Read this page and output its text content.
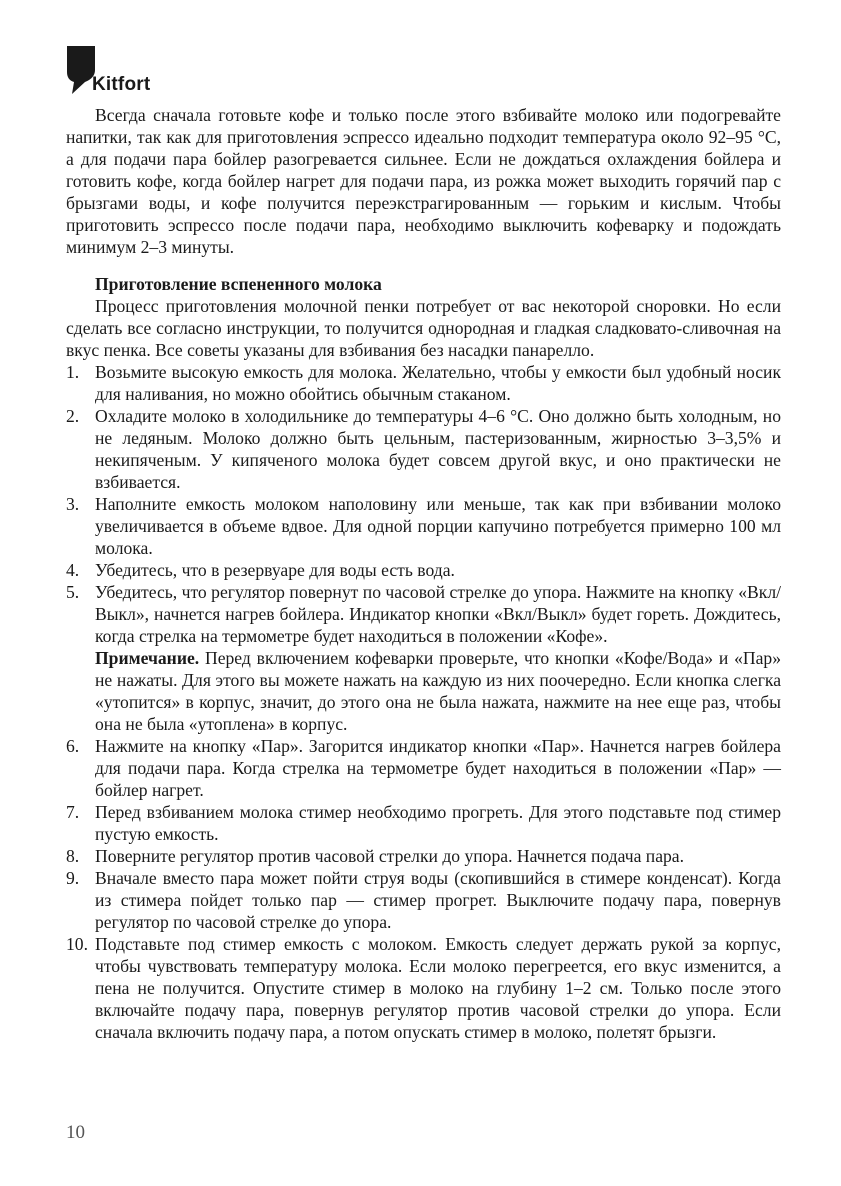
Kitfort

Всегда сначала готовьте кофе и только после этого взбивайте молоко или подогревайте напитки, так как для приготовления эспрессо идеально подходит температура около 92–95 °С, а для подачи пара бойлер разогревается сильнее. Если не дождаться охлаждения бойлера и готовить кофе, когда бойлер нагрет для подачи пара, из рожка может выходить горячий пар с брызгами воды, и кофе получится переэкстрагированным — горьким и кислым. Чтобы приготовить эспрессо после подачи пара, необходимо выключить кофеварку и подождать минимум 2–3 минуты.

Приготовление вспененного молока

Процесс приготовления молочной пенки потребует от вас некоторой сноровки. Но если сделать все согласно инструкции, то получится однородная и гладкая сладковато-сливочная на вкус пенка. Все советы указаны для взбивания без насадки панарелло.

1. Возьмите высокую емкость для молока. Желательно, чтобы у емкости был удобный носик для наливания, но можно обойтись обычным стаканом.
2. Охладите молоко в холодильнике до температуры 4–6 °С. Оно должно быть холодным, но не ледяным. Молоко должно быть цельным, пастеризованным, жирностью 3–3,5% и некипяченым. У кипяченого молока будет совсем другой вкус, и оно практически не взбивается.
3. Наполните емкость молоком наполовину или меньше, так как при взбивании молоко увеличивается в объеме вдвое. Для одной порции капучино потребуется примерно 100 мл молока.
4. Убедитесь, что в резервуаре для воды есть вода.
5. Убедитесь, что регулятор повернут по часовой стрелке до упора. Нажмите на кнопку «Вкл/Выкл», начнется нагрев бойлера. Индикатор кнопки «Вкл/Выкл» будет гореть. Дождитесь, когда стрелка на термометре будет находиться в положении «Кофе».

Примечание. Перед включением кофеварки проверьте, что кнопки «Кофе/Вода» и «Пар» не нажаты. Для этого вы можете нажать на каждую из них поочередно. Если кнопка слегка «утопится» в корпус, значит, до этого она не была нажата, нажмите на нее еще раз, чтобы она не была «утоплена» в корпус.

6. Нажмите на кнопку «Пар». Загорится индикатор кнопки «Пар». Начнется нагрев бойлера для подачи пара. Когда стрелка на термометре будет находиться в положении «Пар» — бойлер нагрет.
7. Перед взбиванием молока стимер необходимо прогреть. Для этого подставьте под стимер пустую емкость.
8. Поверните регулятор против часовой стрелки до упора. Начнется подача пара.
9. Вначале вместо пара может пойти струя воды (скопившийся в стимере конденсат). Когда из стимера пойдет только пар — стимер прогрет. Выключите подачу пара, повернув регулятор по часовой стрелке до упора.
10. Подставьте под стимер емкость с молоком. Емкость следует держать рукой за корпус, чтобы чувствовать температуру молока. Если молоко перегреется, его вкус изменится, а пена не получится. Опустите стимер в молоко на глубину 1–2 см. Только после этого включайте подачу пара, повернув регулятор против часовой стрелки до упора. Если сначала включить подачу пара, а потом опускать стимер в молоко, полетят брызги.
10
